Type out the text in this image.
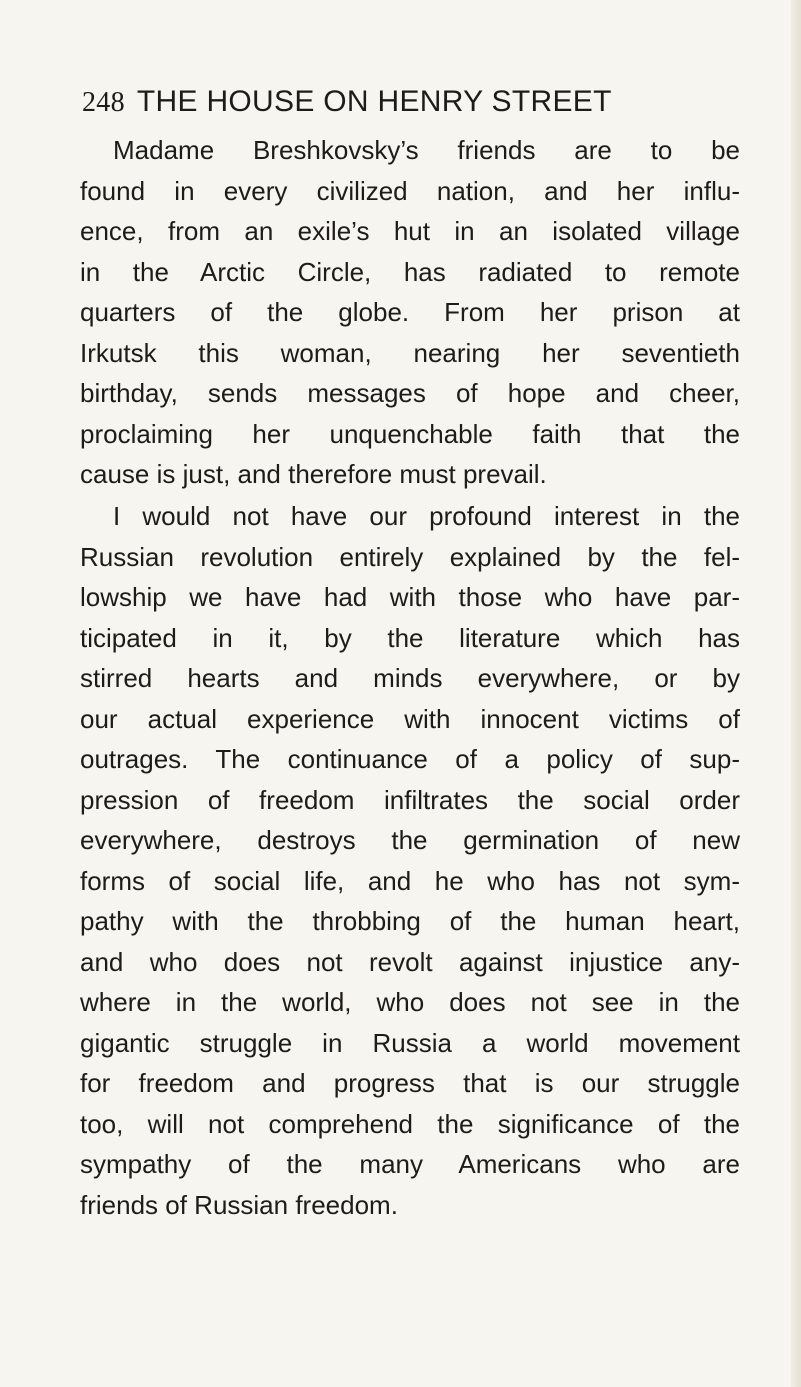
248 THE HOUSE ON HENRY STREET
Madame Breshkovsky’s friends are to be
found in every civilized nation, and her influ-
ence, from an exile’s hut in an isolated village
in the Arctic Circle, has radiated to remote
quarters of the globe. From her prison at
Irkutsk this woman, nearing her seventieth
birthday, sends messages of hope and cheer,
proclaiming her unquenchable faith that the
cause is just, and therefore must prevail.
I would not have our profound interest in the
Russian revolution entirely explained by the fel-
lowship we have had with those who have par-
ticipated in it, by the literature which has
stirred hearts and minds everywhere, or by
our actual experience with innocent victims of
outrages. The continuance of a policy of sup-
pression of freedom infiltrates the social order
everywhere, destroys the germination of new
forms of social life, and he who has not sym-
pathy with the throbbing of the human heart,
and who does not revolt against injustice any-
where in the world, who does not see in the
gigantic struggle in Russia a world movement
for freedom and progress that is our struggle
too, will not comprehend the significance of the
sympathy of the many Americans who are
friends of Russian freedom.
